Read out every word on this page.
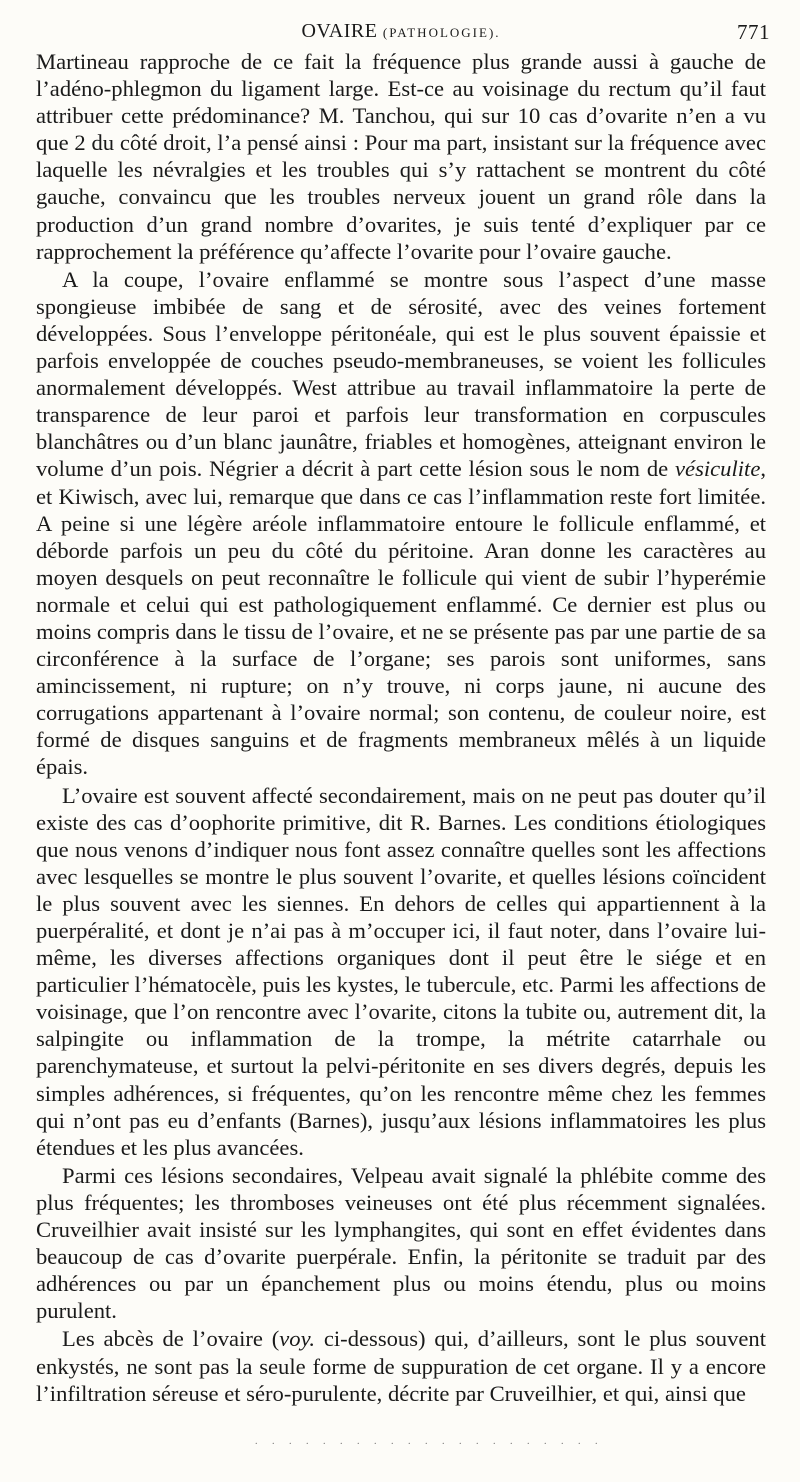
OVAIRE (PATHOLOGIE).	771

Martineau rapproche de ce fait la fréquence plus grande aussi à gauche de l’adéno-phlegmon du ligament large. Est-ce au voisinage du rectum qu’il faut attribuer cette prédominance? M. Tanchou, qui sur 10 cas d’ovarite n’en a vu que 2 du côté droit, l’a pensé ainsi : Pour ma part, insistant sur la fréquence avec laquelle les névralgies et les troubles qui s’y rattachent se montrent du côté gauche, convaincu que les troubles nerveux jouent un grand rôle dans la production d’un grand nombre d’ovarites, je suis tenté d’expliquer par ce rapprochement la préférence qu’affecte l’ovarite pour l’ovaire gauche.

A la coupe, l’ovaire enflammé se montre sous l’aspect d’une masse spongieuse imbibée de sang et de sérosité, avec des veines fortement développées. Sous l’enveloppe péritonéale, qui est le plus souvent épaissie et parfois enveloppée de couches pseudo-membraneuses, se voient les follicules anormalement développés. West attribue au travail inflammatoire la perte de transparence de leur paroi et parfois leur transformation en corpuscules blanchâtres ou d’un blanc jaunâtre, friables et homogènes, atteignant environ le volume d’un pois. Négrier a décrit à part cette lésion sous le nom de vésiculite, et Kiwisch, avec lui, remarque que dans ce cas l’inflammation reste fort limitée. A peine si une légère aréole inflammatoire entoure le follicule enflammé, et déborde parfois un peu du côté du péritoine. Aran donne les caractères au moyen desquels on peut reconnaître le follicule qui vient de subir l’hyperémie normale et celui qui est pathologiquement enflammé. Ce dernier est plus ou moins compris dans le tissu de l’ovaire, et ne se présente pas par une partie de sa circonférence à la surface de l’organe; ses parois sont uniformes, sans amincissement, ni rupture; on n’y trouve, ni corps jaune, ni aucune des corrugations appartenant à l’ovaire normal; son contenu, de couleur noire, est formé de disques sanguins et de fragments membraneux mêlés à un liquide épais.

L’ovaire est souvent affecté secondairement, mais on ne peut pas douter qu’il existe des cas d’oophorite primitive, dit R. Barnes. Les conditions étiologiques que nous venons d’indiquer nous font assez connaître quelles sont les affections avec lesquelles se montre le plus souvent l’ovarite, et quelles lésions coïncident le plus souvent avec les siennes. En dehors de celles qui appartiennent à la puerpéralité, et dont je n’ai pas à m’occuper ici, il faut noter, dans l’ovaire lui-même, les diverses affections organiques dont il peut être le siége et en particulier l’hématocèle, puis les kystes, le tubercule, etc. Parmi les affections de voisinage, que l’on rencontre avec l’ovarite, citons la tubite ou, autrement dit, la salpingite ou inflammation de la trompe, la métrite catarrhale ou parenchymateuse, et surtout la pelvi-péritonite en ses divers degrés, depuis les simples adhérences, si fréquentes, qu’on les rencontre même chez les femmes qui n’ont pas eu d’enfants (Barnes), jusqu’aux lésions inflammatoires les plus étendues et les plus avancées.

Parmi ces lésions secondaires, Velpeau avait signalé la phlébite comme des plus fréquentes; les thromboses veineuses ont été plus récemment signalées. Cruveilhier avait insisté sur les lymphangites, qui sont en effet évidentes dans beaucoup de cas d’ovarite puerpérale. Enfin, la péritonite se traduit par des adhérences ou par un épanchement plus ou moins étendu, plus ou moins purulent.

Les abcès de l’ovaire (voy. ci-dessous) qui, d’ailleurs, sont le plus souvent enkystés, ne sont pas la seule forme de suppuration de cet organe. Il y a encore l’infiltration séreuse et séro-purulente, décrite par Cruveilhier, et qui, ainsi que

. . . . . . . . . . . . . . . . . . . . .
